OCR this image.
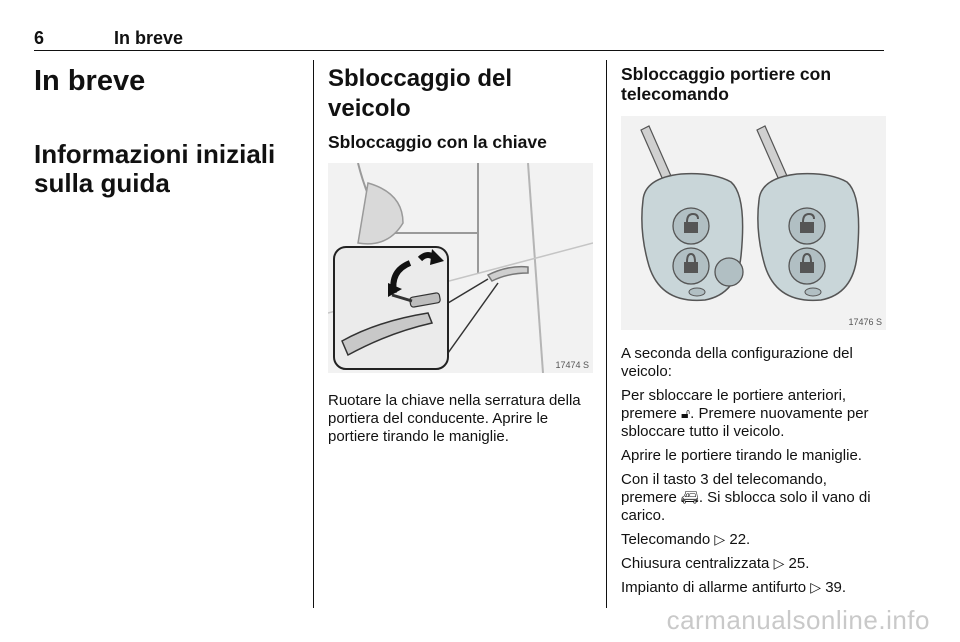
6	In breve
In breve
Informazioni iniziali
sulla guida
Sbloccaggio del veicolo
Sbloccaggio con la chiave
17474 S

Ruotare la chiave nella serratura della portiera del conducente. Aprire le portiere tirando le maniglie.

Sbloccaggio portiere con
telecomando
17476 S

A seconda della configurazione del veicolo:

Per sbloccare le portiere anteriori, premere 🔓︎. Premere nuovamente per sbloccare tutto il veicolo.

Aprire le portiere tirando le maniglie.

Con il tasto 3 del telecomando, premere 🚐︎. Si sblocca solo il vano di carico.

Telecomando ▷ 22.

Chiusura centralizzata ▷ 25.

Impianto di allarme antifurto ▷ 39.

carmanualsonline.info
